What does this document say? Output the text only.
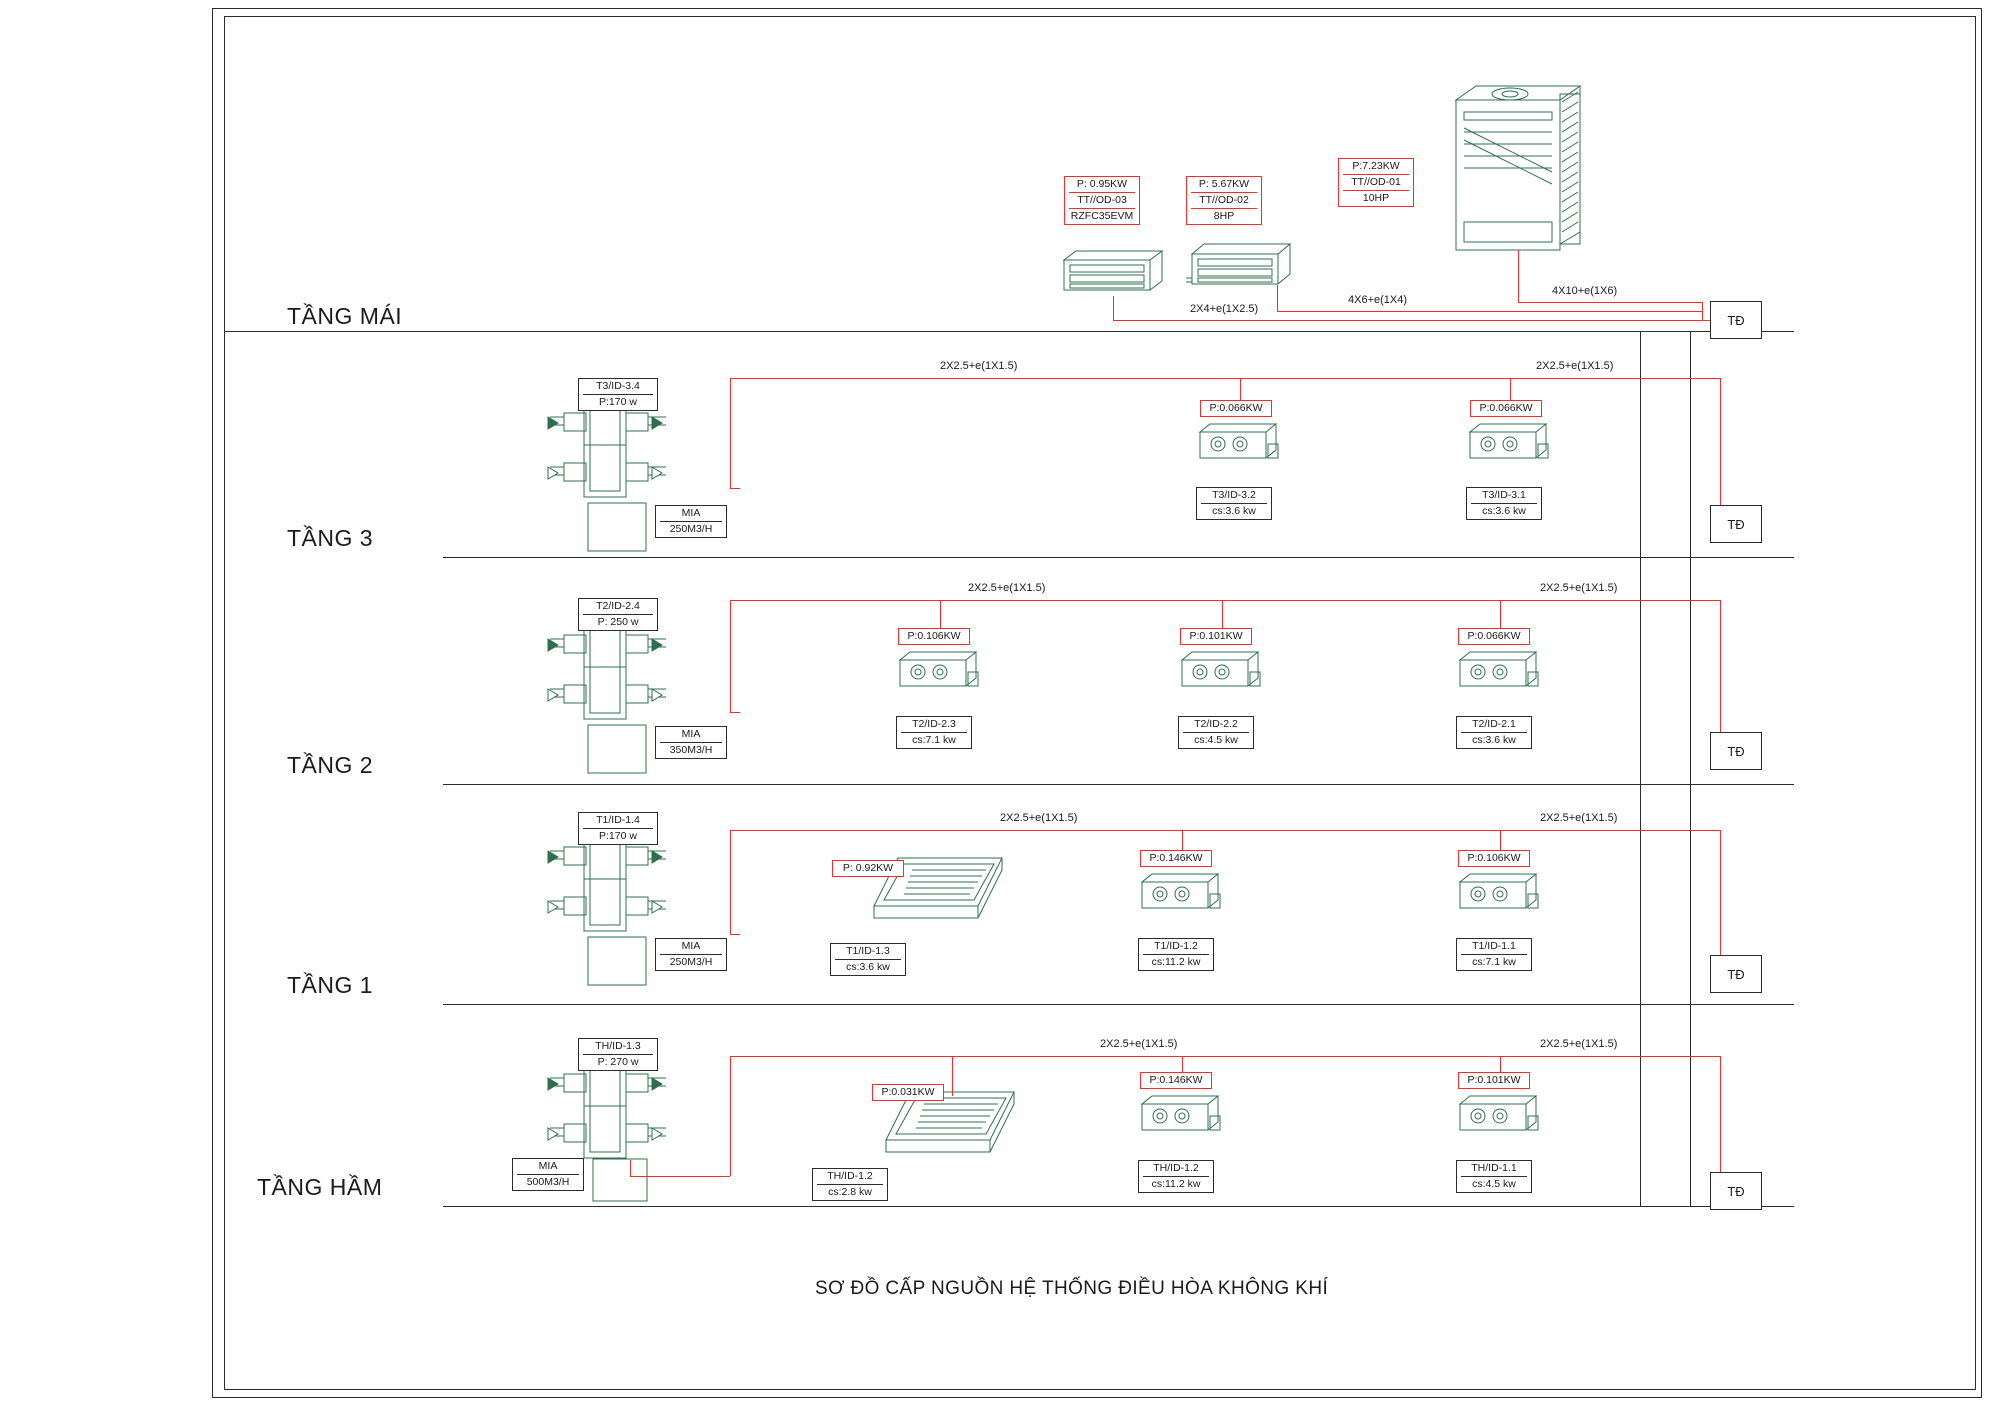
TẦNG MÁI
TẦNG 3
TẦNG 2
TẦNG 1
TẦNG HẦM
P: 0.95KW
TT//OD-03
RZFC35EVM
P: 5.67KW
TT//OD-02
8HP
P:7.23KW
TT//OD-01
10HP
2X4+e(1X2.5)
4X6+e(1X4)
4X10+e(1X6)
TĐ
T3/ID-3.4
P:170 w
MIA
250M3/H
P:0.066KW
T3/ID-3.2
cs:3.6 kw
P:0.066KW
T3/ID-3.1
cs:3.6 kw
2X2.5+e(1X1.5)	2X2.5+e(1X1.5)
TĐ
T2/ID-2.4
P: 250 w
MIA
350M3/H
P:0.106KW
T2/ID-2.3
cs:7.1 kw
P:0.101KW
T2/ID-2.2
cs:4.5 kw
P:0.066KW
T2/ID-2.1
cs:3.6 kw
2X2.5+e(1X1.5)	2X2.5+e(1X1.5)
TĐ
T1/ID-1.4
P:170 w
MIA
250M3/H
P: 0.92KW
T1/ID-1.3
cs:3.6 kw
P:0.146KW
T1/ID-1.2
cs:11.2 kw
P:0.106KW
T1/ID-1.1
cs:7.1 kw
2X2.5+e(1X1.5)	2X2.5+e(1X1.5)
TĐ
TH/ID-1.3
P: 270 w
MIA
500M3/H
P:0.031KW
TH/ID-1.2
cs:2.8 kw
P:0.146KW
TH/ID-1.2
cs:11.2 kw
P:0.101KW
TH/ID-1.1
cs:4.5 kw
2X2.5+e(1X1.5)	2X2.5+e(1X1.5)
TĐ
SƠ ĐỒ CẤP NGUỒN HỆ THỐNG ĐIỀU HÒA KHÔNG KHÍ
